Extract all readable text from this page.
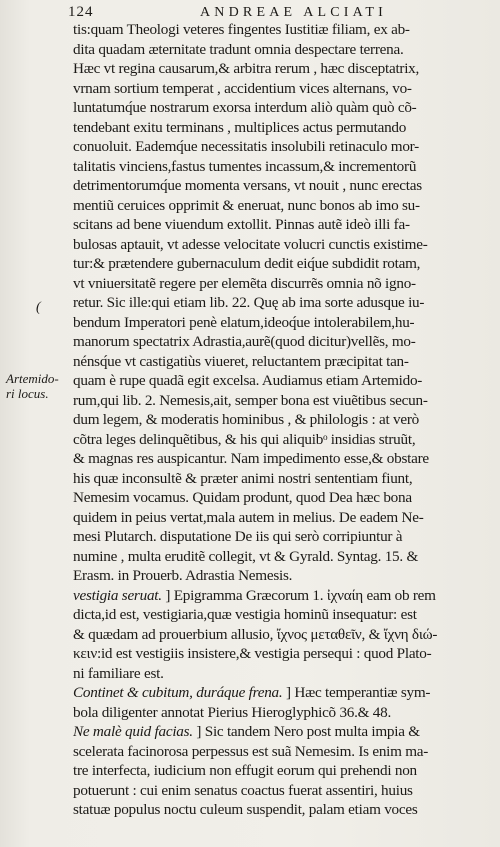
124	ANDREAE ALCIATI
Artemido-
ri locus.
(
tis:quam Theologi veteres fingentes Iustitiæ filiam, ex ab-
dita quadam æternitate tradunt omnia despectare terrena.
Hæc vt regina causarum,& arbitra rerum , hæc disceptatrix,
vrnam sortium temperat , accidentium vices alternans, vo-
luntatumq́ue nostrarum exorsa interdum aliò quàm quò cõ-
tendebant exitu terminans , multiplices actus permutando
conuoluit. Eademq́ue necessitatis insolubili retinaculo mor-
talitatis vinciens,fastus tumentes incassum,& incrementorũ
detrimentorumq́ue momenta versans, vt nouit , nunc erectas
mentiũ ceruices opprimit & eneruat, nunc bonos ab imo su-
scitans ad bene viuendum extollit. Pinnas autẽ ideò illi fa-
bulosas aptauit, vt adesse velocitate volucri cunctis existime-
tur:& prætendere gubernaculum dedit eiq́ue subdidit rotam,
vt vniuersitatẽ regere per elemẽta discurrẽs omnia nõ igno-
retur. Sic ille:qui etiam lib. 22. Quę ab ima sorte adusque iu-
bendum Imperatori penè elatum,ideoq́ue intolerabilem,hu-
manorum spectatrix Adrastia,aurẽ(quod dicitur)vellẽs, mo-
nénsq́ue vt castigatiùs viueret, reluctantem præcipitat tan-
quam è rupe quadã egit excelsa. Audiamus etiam Artemido-
rum,qui lib. 2. Nemesis,ait, semper bona est viuẽtibus secun-
dum legem, & moderatis hominibus , & philologis : at verò
cõtra leges delinquẽtibus, & his qui aliquibᵒ insidias struũt,
& magnas res auspicantur. Nam impedimento esse,& obstare
his quæ inconsultẽ & præter animi nostri sententiam fiunt,
Nemesim vocamus. Quidam produnt, quod Dea hæc bona
quidem in peius vertat,mala autem in melius. De eadem Ne-
mesi Plutarch. disputatione De iis qui serò corripiuntur à
numine , multa eruditẽ collegit, vt & Gyrald. Syntag. 15. &
Erasm. in Prouerb. Adrastia Nemesis.
vestigia seruat. ] Epigramma Græcorum 1. ἰχναίη eam ob rem
dicta,id est, vestigiaria,quæ vestigia hominũ insequatur: est
& quædam ad prouerbium allusio, ἴχνος μεταθεῖν, & ἴχνη διώ-
κειν:id est vestigiis insistere,& vestigia persequi : quod Plato-
ni familiare est.
Continet & cubitum, duráque frena. ] Hæc temperantiæ sym-
bola diligenter annotat Pierius Hieroglyphicõ 36.& 48.
Ne malè quid facias. ] Sic tandem Nero post multa impia &
scelerata facinorosa perpessus est suã Nemesim. Is enim ma-
tre interfecta, iudicium non effugit eorum qui prehendi non
potuerunt : cui enim senatus coactus fuerat assentiri, huius
statuæ populus noctu culeum suspendit, palam etiam voces
